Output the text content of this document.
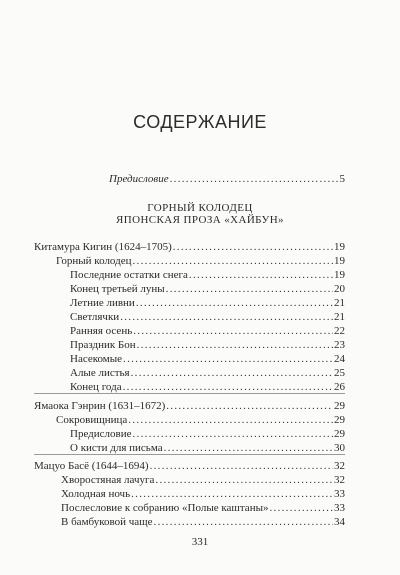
СОДЕРЖАНИЕ
Предисловие .....	5
ГОРНЫЙ КОЛОДЕЦ
ЯПОНСКАЯ ПРОЗА «ХАЙБУН»
Китамура Кигин (1624–1705) .....	19
Горный колодец .....	19
Последние остатки снега .....	19
Конец третьей луны .....	20
Летние ливни .....	21
Светлячки .....	21
Ранняя осень .....	22
Праздник Бон .....	23
Насекомые .....	24
Алые листья .....	25
Конец года .....	26
Ямаока Гэнрин (1631–1672) .....	29
Сокровищница .....	29
Предисловие .....	29
О кисти для письма .....	30
Мацуо Басё (1644–1694) .....	32
Хворостяная лачуга .....	32
Холодная ночь .....	33
Послесловие к собранию «Полые каштаны» .....	33
В бамбуковой чаще .....	34
331
